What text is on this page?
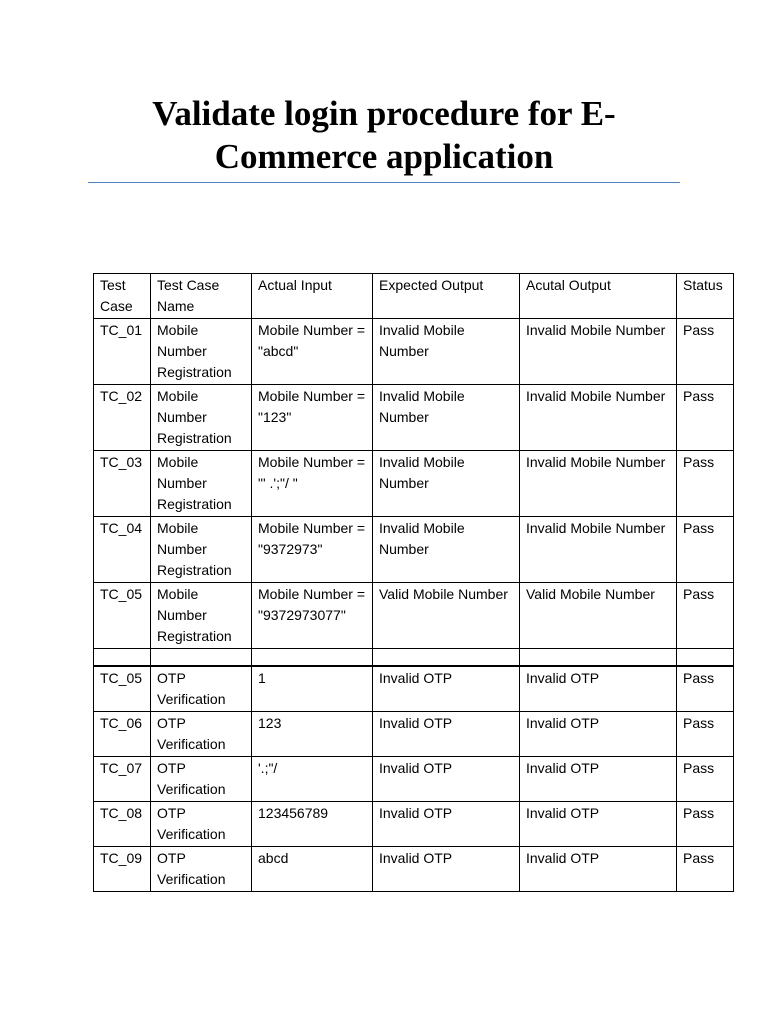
Validate login procedure for E-Commerce application
Test Case	Test Case Name	Actual Input	Expected Output	Acutal Output	Status
TC_01	Mobile Number Registration	Mobile Number = "abcd"	Invalid Mobile Number	Invalid Mobile Number	Pass
TC_02	Mobile Number Registration	Mobile Number = "123"	Invalid Mobile Number	Invalid Mobile Number	Pass
TC_03	Mobile Number Registration	Mobile Number = "' .';"/ "	Invalid Mobile Number	Invalid Mobile Number	Pass
TC_04	Mobile Number Registration	Mobile Number = "9372973"	Invalid Mobile Number	Invalid Mobile Number	Pass
TC_05	Mobile Number Registration	Mobile Number = "9372973077"	Valid Mobile Number	Valid Mobile Number	Pass

TC_05	OTP Verification	1	Invalid OTP	Invalid OTP	Pass
TC_06	OTP Verification	123	Invalid OTP	Invalid OTP	Pass
TC_07	OTP Verification	'.;"/	Invalid OTP	Invalid OTP	Pass
TC_08	OTP Verification	123456789	Invalid OTP	Invalid OTP	Pass
TC_09	OTP Verification	abcd	Invalid OTP	Invalid OTP	Pass
